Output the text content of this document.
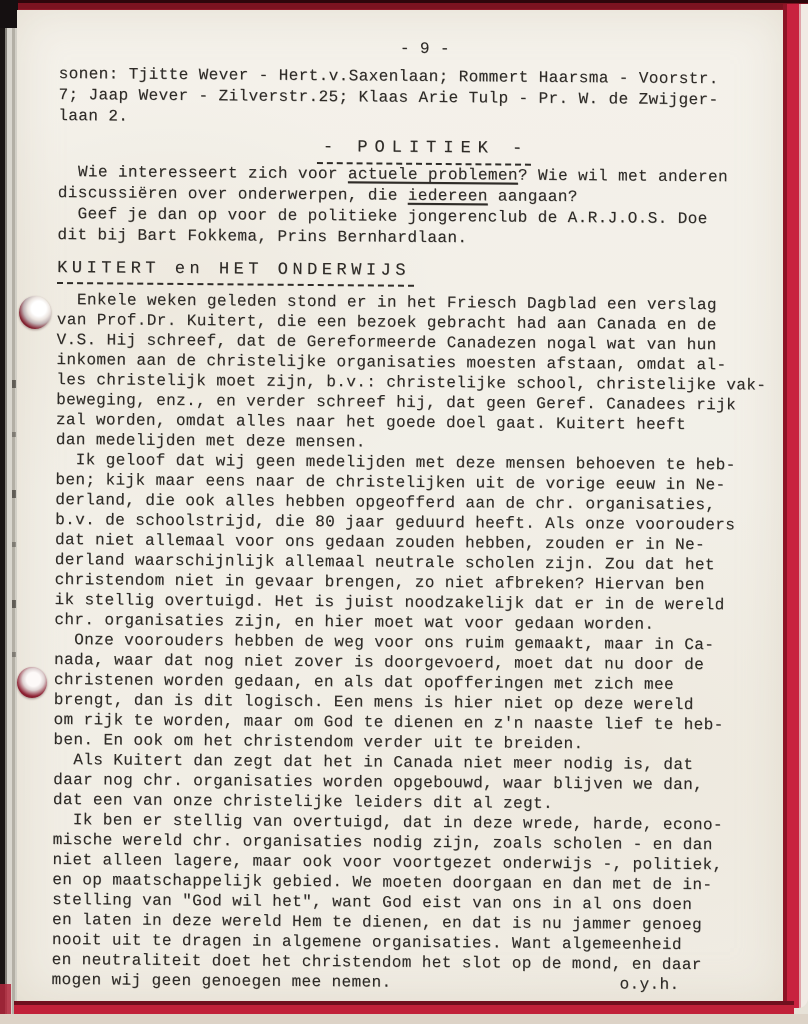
- 9 -
sonen: Tjitte Wever - Hert.v.Saxenlaan; Rommert Haarsma - Voorstr.
7; Jaap Wever - Zilverstr.25; Klaas Arie Tulp - Pr. W. de Zwijger-
laan 2.
- POLITIEK -
Wie interesseert zich voor actuele problemen? Wie wil met anderen
discussiëren over onderwerpen, die iedereen aangaan?
Geef je dan op voor de politieke jongerenclub de A.R.J.O.S. Doe
dit bij Bart Fokkema, Prins Bernhardlaan.
KUITERT en HET ONDERWIJS
Enkele weken geleden stond er in het Friesch Dagblad een verslag
van Prof.Dr. Kuitert, die een bezoek gebracht had aan Canada en de
V.S. Hij schreef, dat de Gereformeerde Canadezen nogal wat van hun
inkomen aan de christelijke organisaties moesten afstaan, omdat al-
les christelijk moet zijn, b.v.: christelijke school, christelijke vak-
beweging, enz., en verder schreef hij, dat geen Geref. Canadees rijk
zal worden, omdat alles naar het goede doel gaat. Kuitert heeft
dan medelijden met deze mensen.
Ik geloof dat wij geen medelijden met deze mensen behoeven te heb-
ben; kijk maar eens naar de christelijken uit de vorige eeuw in Ne-
derland, die ook alles hebben opgeofferd aan de chr. organisaties,
b.v. de schoolstrijd, die 80 jaar geduurd heeft. Als onze voorouders
dat niet allemaal voor ons gedaan zouden hebben, zouden er in Ne-
derland waarschijnlijk allemaal neutrale scholen zijn. Zou dat het
christendom niet in gevaar brengen, zo niet afbreken? Hiervan ben
ik stellig overtuigd. Het is juist noodzakelijk dat er in de wereld
chr. organisaties zijn, en hier moet wat voor gedaan worden.
Onze voorouders hebben de weg voor ons ruim gemaakt, maar in Ca-
nada, waar dat nog niet zover is doorgevoerd, moet dat nu door de
christenen worden gedaan, en als dat opofferingen met zich mee
brengt, dan is dit logisch. Een mens is hier niet op deze wereld
om rijk te worden, maar om God te dienen en z'n naaste lief te heb-
ben. En ook om het christendom verder uit te breiden.
Als Kuitert dan zegt dat het in Canada niet meer nodig is, dat
daar nog chr. organisaties worden opgebouwd, waar blijven we dan,
dat een van onze christelijke leiders dit al zegt.
Ik ben er stellig van overtuigd, dat in deze wrede, harde, econo-
mische wereld chr. organisaties nodig zijn, zoals scholen - en dan
niet alleen lagere, maar ook voor voortgezet onderwijs -, politiek,
en op maatschappelijk gebied. We moeten doorgaan en dan met de in-
stelling van "God wil het", want God eist van ons in al ons doen
en laten in deze wereld Hem te dienen, en dat is nu jammer genoeg
nooit uit te dragen in algemene organisaties. Want algemeenheid
en neutraliteit doet het christendom het slot op de mond, en daar
mogen wij geen genoegen mee nemen.	o.y.h.
